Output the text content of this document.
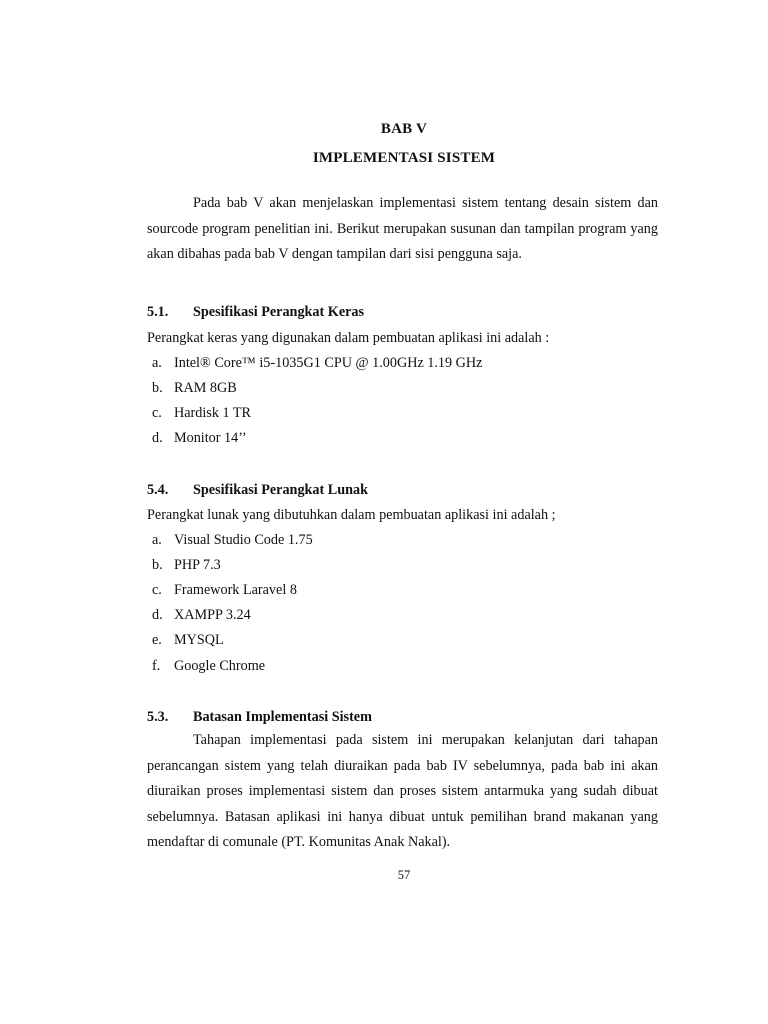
BAB V
IMPLEMENTASI SISTEM

Pada bab V akan menjelaskan implementasi sistem tentang desain sistem dan sourcode program penelitian ini. Berikut merupakan susunan dan tampilan program yang akan dibahas pada bab V dengan tampilan dari sisi pengguna saja.

5.1. Spesifikasi Perangkat Keras
Perangkat keras yang digunakan dalam pembuatan aplikasi ini adalah :
a. Intel® Core™ i5-1035G1 CPU @ 1.00GHz 1.19 GHz
b. RAM 8GB
c. Hardisk 1 TR
d. Monitor 14’’
5.4. Spesifikasi Perangkat Lunak
Perangkat lunak yang dibutuhkan dalam pembuatan aplikasi ini adalah ;
a. Visual Studio Code 1.75
b. PHP 7.3
c. Framework Laravel 8
d. XAMPP 3.24
e. MYSQL
f. Google Chrome
5.3. Batasan Implementasi Sistem

Tahapan implementasi pada sistem ini merupakan kelanjutan dari tahapan perancangan sistem yang telah diuraikan pada bab IV sebelumnya, pada bab ini akan diuraikan proses implementasi sistem dan proses sistem antarmuka yang sudah dibuat sebelumnya. Batasan aplikasi ini hanya dibuat untuk pemilihan brand makanan yang mendaftar di comunale (PT. Komunitas Anak Nakal).

57
